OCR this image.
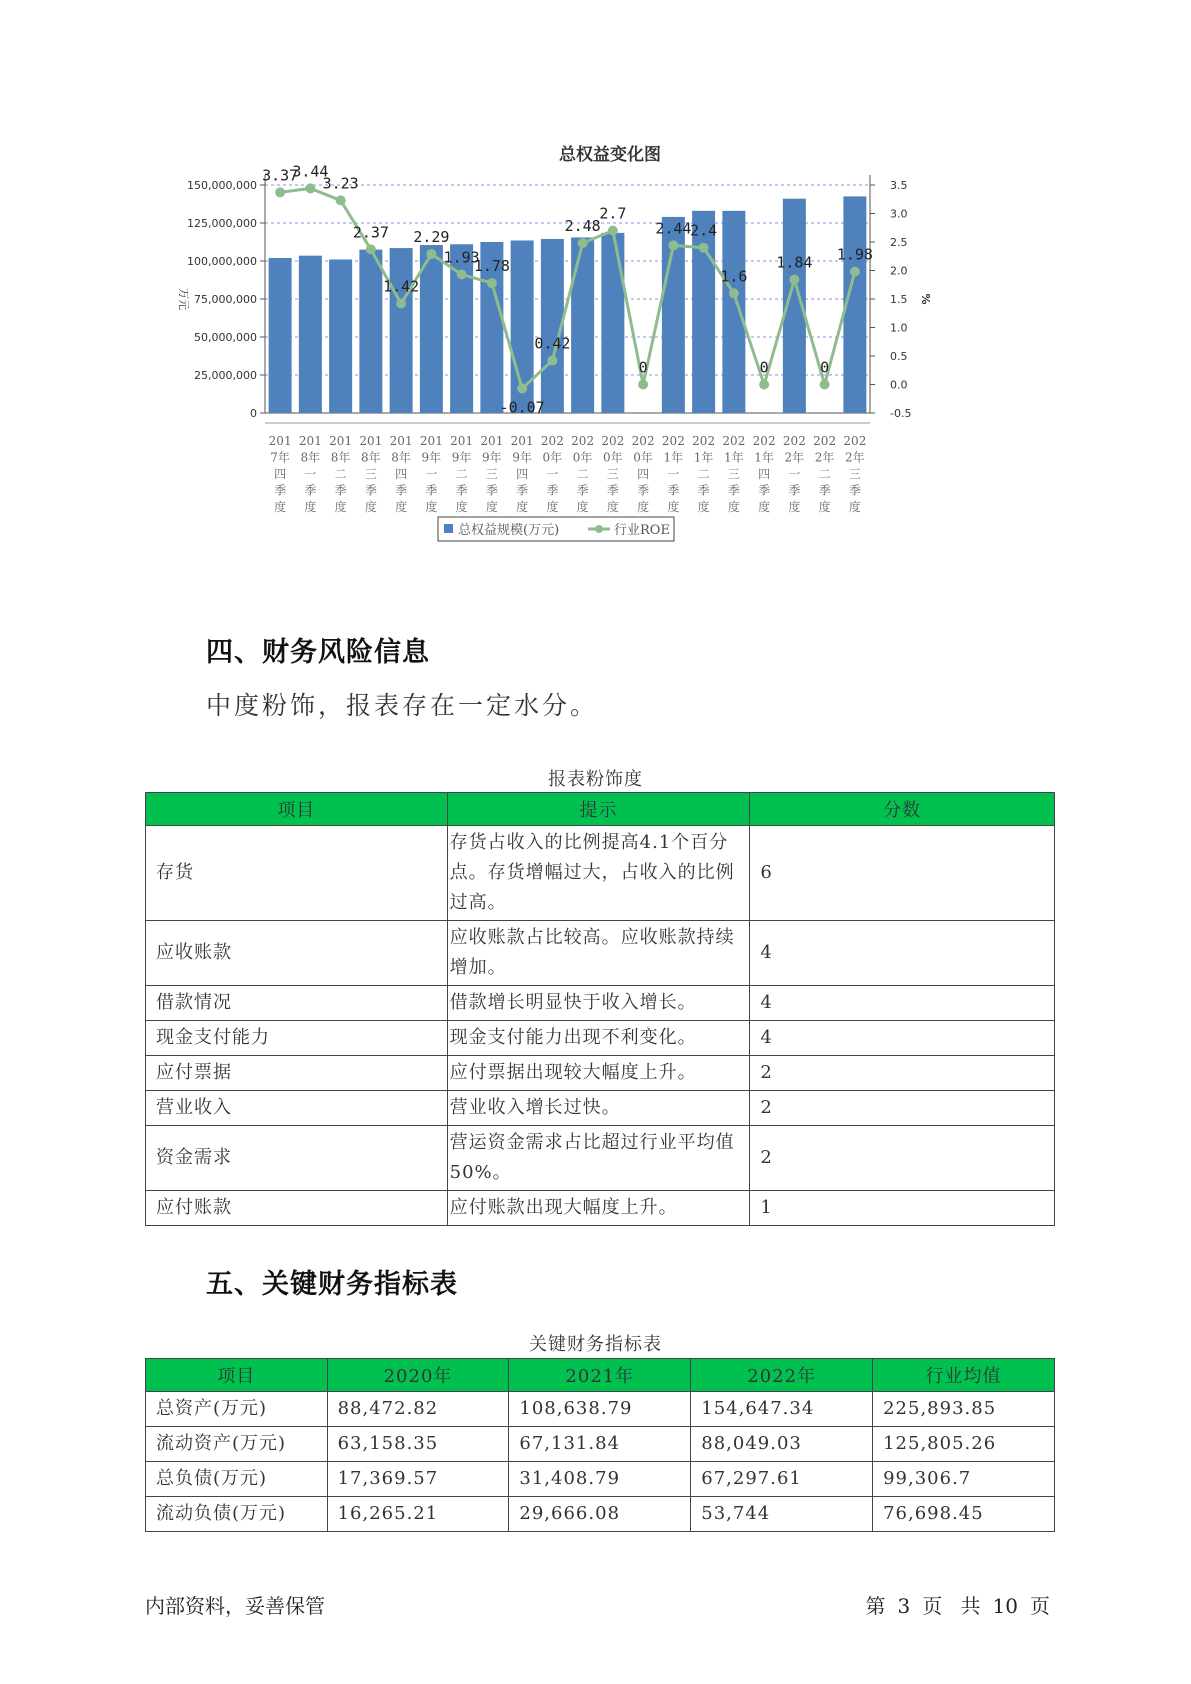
总权益变化图
0
25,000,000
50,000,000
75,000,000
100,000,000
125,000,000
150,000,000
-0.5
0.0
0.5
1.0
1.5
2.0
2.5
3.0
3.5
万元	%
3.37
3.44
3.23
2.37
1.42
2.29
1.93
1.78
-0.07
0.42
2.48
2.7
0
2.44
2.4
1.6
0
1.84
0
1.98
201
7年
四
季
度
201
8年
一
季
度
201
8年
二
季
度
201
8年
三
季
度
201
8年
四
季
度
201
9年
一
季
度
201
9年
二
季
度
201
9年
三
季
度
201
9年
四
季
度
202
0年
一
季
度
202
0年
二
季
度
202
0年
三
季
度
202
0年
四
季
度
202
1年
一
季
度
202
1年
二
季
度
202
1年
三
季
度
202
1年
四
季
度
202
2年
一
季
度
202
2年
二
季
度
202
2年
三
季
度
总权益规模(万元)	行业ROE
四、财务风险信息

中度粉饰，报表存在一定水分。

报表粉饰度
项目	提示	分数
存货	存货占收入的比例提高4.1个百分点。存货增幅过大，占收入的比例过高。	6
应收账款	应收账款占比较高。应收账款持续增加。	4
借款情况	借款增长明显快于收入增长。	4
现金支付能力	现金支付能力出现不利变化。	4
应付票据	应付票据出现较大幅度上升。	2
营业收入	营业收入增长过快。	2
资金需求	营运资金需求占比超过行业平均值50%。	2
应付账款	应付账款出现大幅度上升。	1
五、关键财务指标表
关键财务指标表
项目	2020年	2021年	2022年	行业均值
总资产(万元)	88,472.82	108,638.79	154,647.34	225,893.85
流动资产(万元)	63,158.35	67,131.84	88,049.03	125,805.26
总负债(万元)	17,369.57	31,408.79	67,297.61	99,306.7
流动负债(万元)	16,265.21	29,666.08	53,744	76,698.45
内部资料，妥善保管	第 3 页 共 10 页
